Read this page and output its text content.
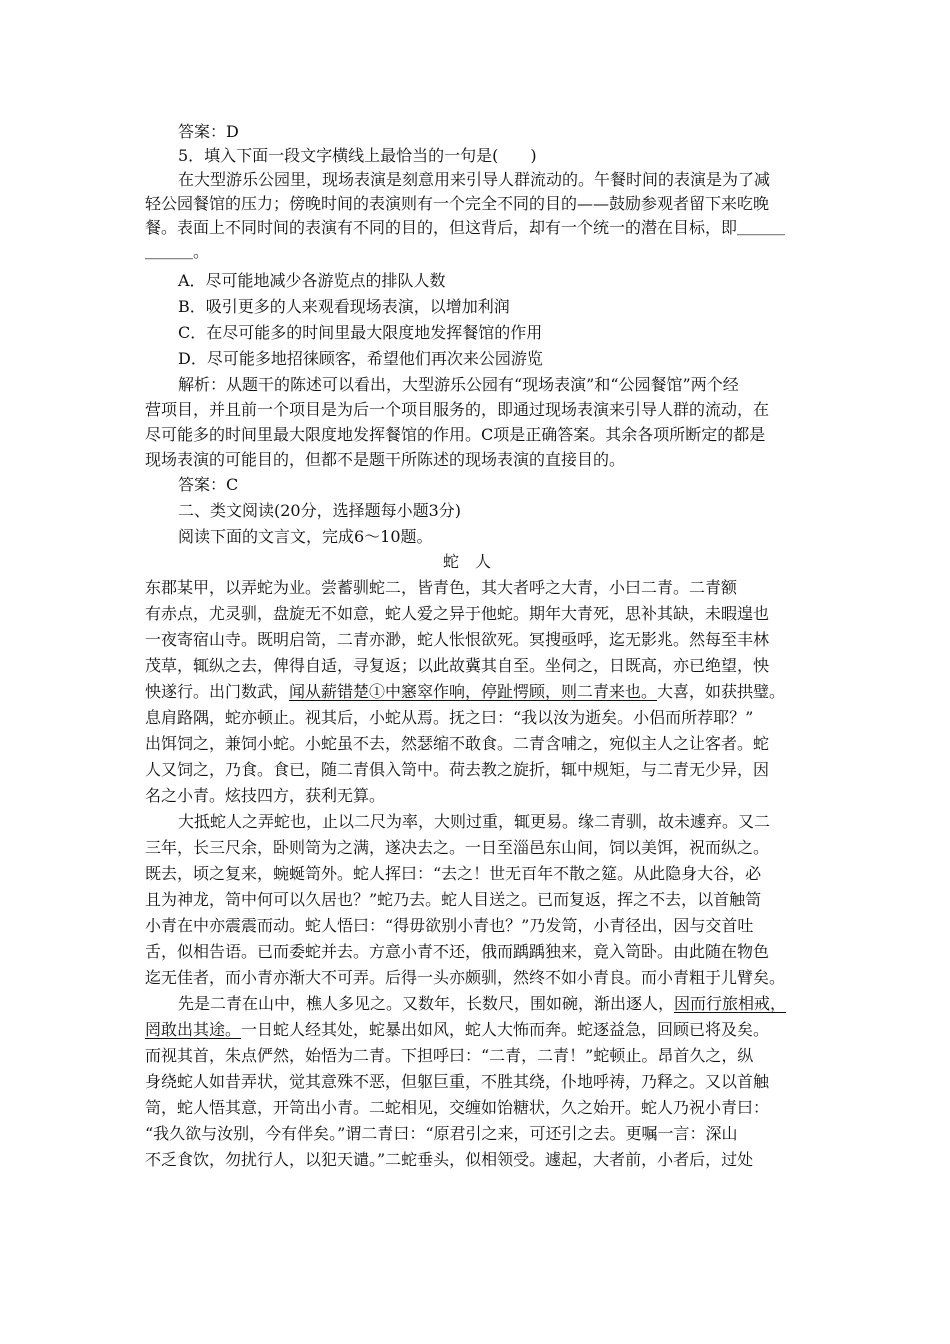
答案：D
5．填入下面一段文字横线上最恰当的一句是(　　)
在大型游乐公园里，现场表演是刻意用来引导人群流动的。午餐时间的表演是为了减
轻公园餐馆的压力；傍晚时间的表演则有一个完全不同的目的——鼓励参观者留下来吃晚
餐。表面上不同时间的表演有不同的目的，但这背后，却有一个统一的潜在目标，即＿＿＿
＿＿＿。
A．尽可能地减少各游览点的排队人数
B．吸引更多的人来观看现场表演，以增加利润
C．在尽可能多的时间里最大限度地发挥餐馆的作用
D．尽可能多地招徕顾客，希望他们再次来公园游览
解析：从题干的陈述可以看出，大型游乐公园有“现场表演”和“公园餐馆”两个经
营项目，并且前一个项目是为后一个项目服务的，即通过现场表演来引导人群的流动，在
尽可能多的时间里最大限度地发挥餐馆的作用。C项是正确答案。其余各项所断定的都是
现场表演的可能目的，但都不是题干所陈述的现场表演的直接目的。
答案：C
二、类文阅读(20分，选择题每小题3分)
阅读下面的文言文，完成6～10题。
蛇人
东郡某甲，以弄蛇为业。尝蓄驯蛇二，皆青色，其大者呼之大青，小曰二青。二青额
有赤点，尤灵驯，盘旋无不如意，蛇人爱之异于他蛇。期年大青死，思补其缺，未暇遑也
一夜寄宿山寺。既明启笥，二青亦渺，蛇人怅恨欲死。冥搜亟呼，迄无影兆。然每至丰林
茂草，辄纵之去，俾得自适，寻复返；以此故冀其自至。坐伺之，日既高，亦已绝望，怏
怏遂行。出门数武，闻从薪错楚①中窸窣作响，停趾愕顾，则二青来也。大喜，如获拱璧。
息肩路隅，蛇亦顿止。视其后，小蛇从焉。抚之曰：“我以汝为逝矣。小侣而所荐耶？”
出饵饲之，兼饲小蛇。小蛇虽不去，然瑟缩不敢食。二青含哺之，宛似主人之让客者。蛇
人又饲之，乃食。食已，随二青俱入笥中。荷去教之旋折，辄中规矩，与二青无少异，因
名之小青。炫技四方，获利无算。
大抵蛇人之弄蛇也，止以二尺为率，大则过重，辄更易。缘二青驯，故未遽弃。又二
三年，长三尺余，卧则笥为之满，遂决去之。一日至淄邑东山间，饲以美饵，祝而纵之。
既去，顷之复来，蜿蜒笥外。蛇人挥曰：“去之！世无百年不散之筵。从此隐身大谷，必
且为神龙，笥中何可以久居也？”蛇乃去。蛇人目送之。已而复返，挥之不去，以首触笥
小青在中亦震震而动。蛇人悟曰：“得毋欲别小青也？”乃发笥，小青径出，因与交首吐
舌，似相告语。已而委蛇并去。方意小青不还，俄而踽踽独来，竟入笥卧。由此随在物色
迄无佳者，而小青亦渐大不可弄。后得一头亦颇驯，然终不如小青良。而小青粗于儿臂矣。
先是二青在山中，樵人多见之。又数年，长数尺，围如碗，渐出逐人，因而行旅相戒，
罔敢出其途。一日蛇人经其处，蛇暴出如风，蛇人大怖而奔。蛇逐益急，回顾已将及矣。
而视其首，朱点俨然，始悟为二青。下担呼曰：“二青，二青！”蛇顿止。昂首久之，纵
身绕蛇人如昔弄状，觉其意殊不恶，但躯巨重，不胜其绕，仆地呼祷，乃释之。又以首触
笥，蛇人悟其意，开笥出小青。二蛇相见，交缠如饴糖状，久之始开。蛇人乃祝小青曰：
“我久欲与汝别，今有伴矣。”谓二青曰：“原君引之来，可还引之去。更嘱一言：深山
不乏食饮，勿扰行人，以犯天谴。”二蛇垂头，似相领受。遽起，大者前，小者后，过处
